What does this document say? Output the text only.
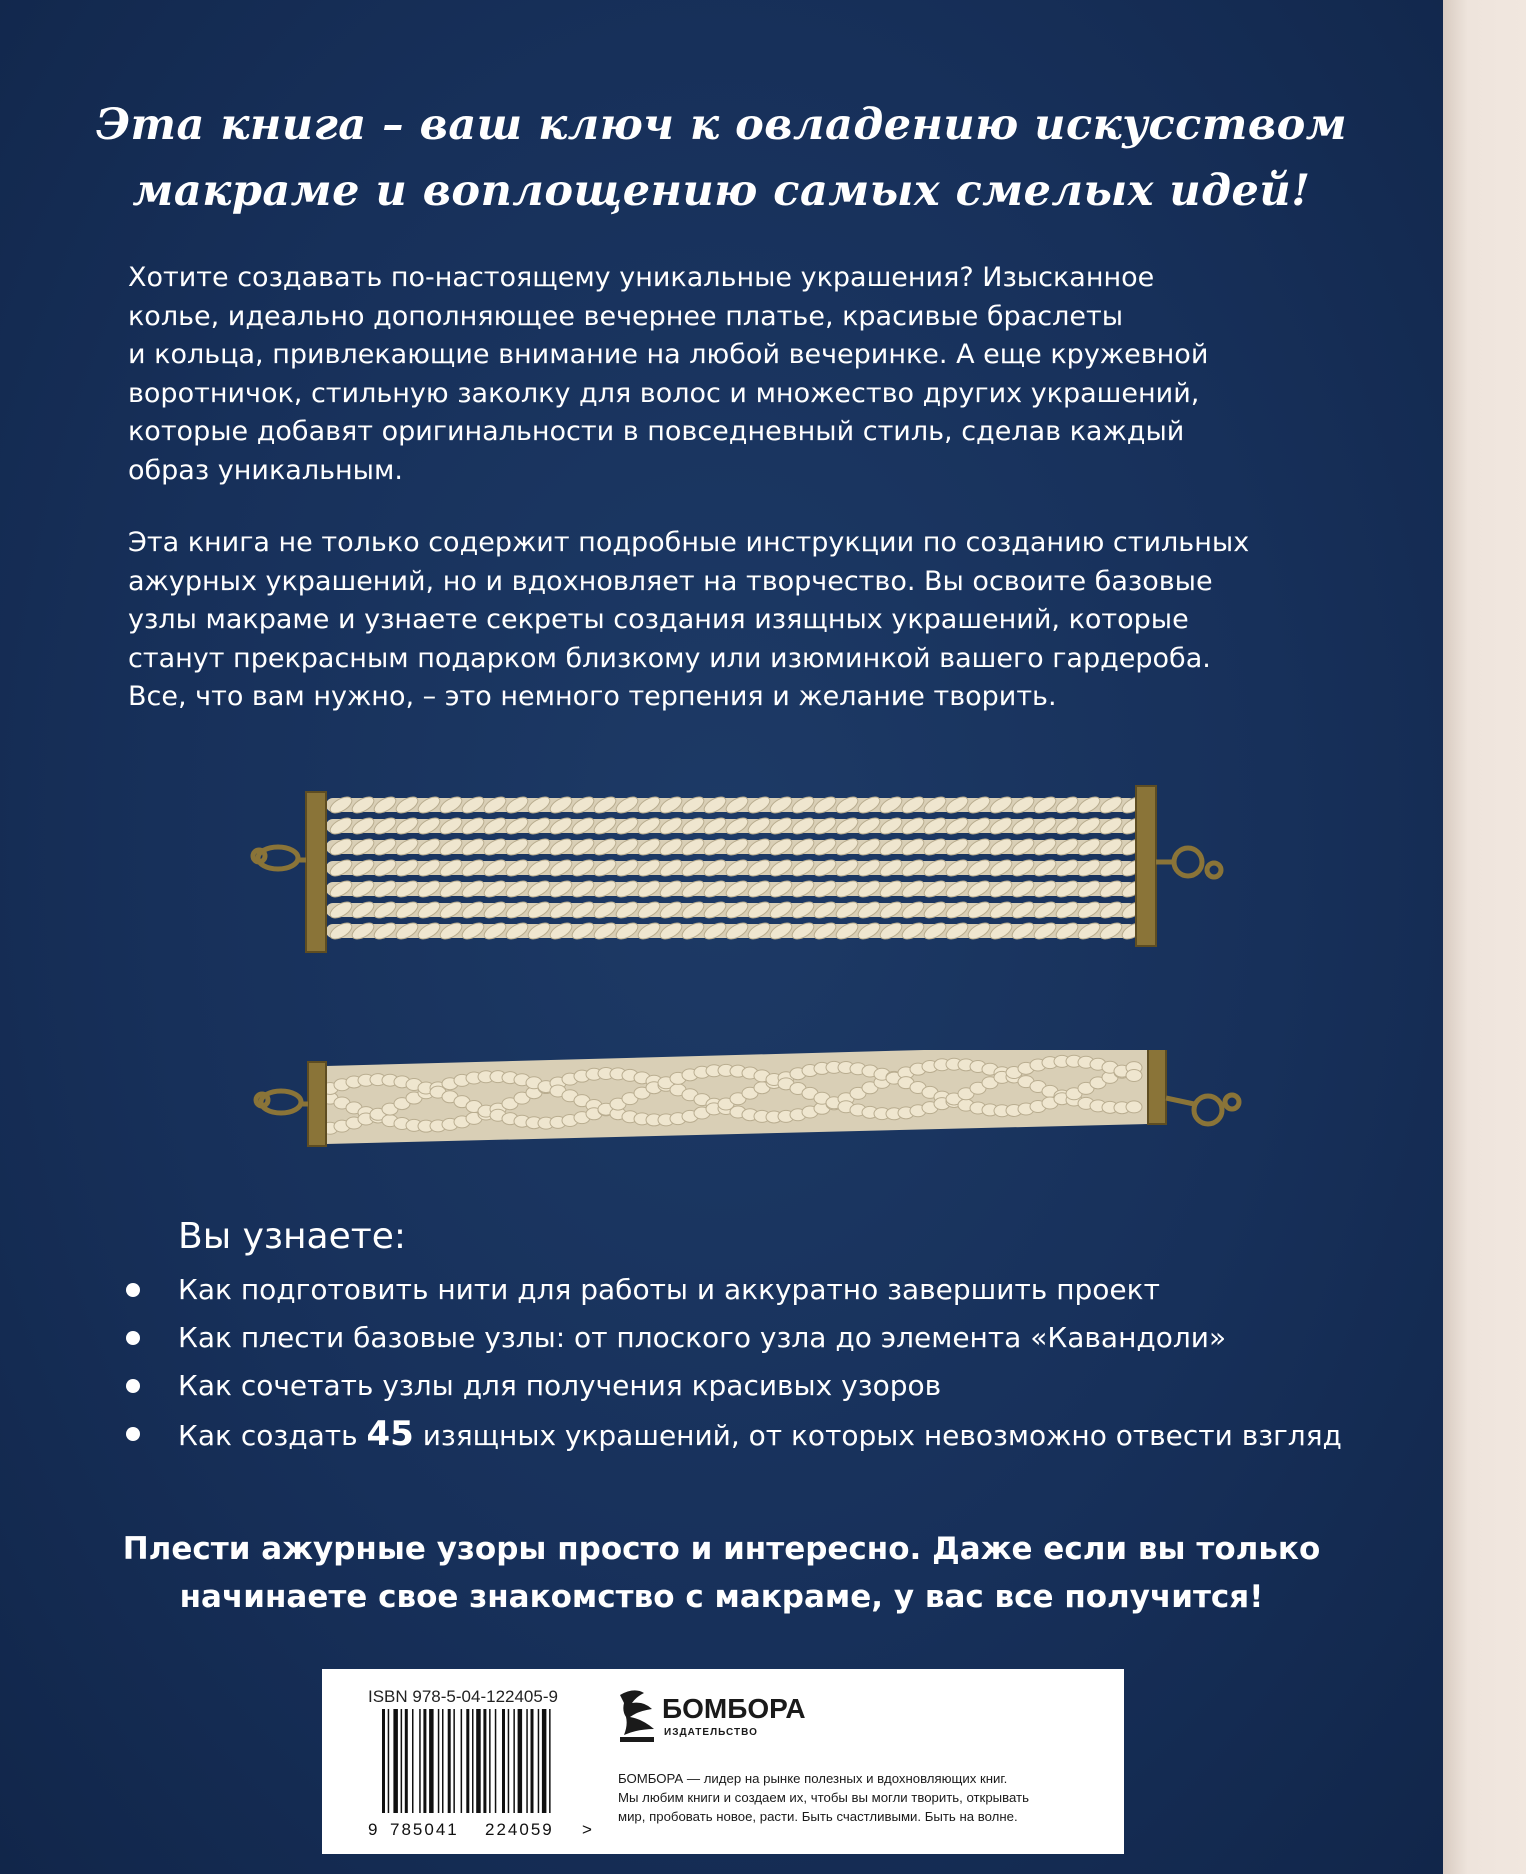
Эта книга – ваш ключ к овладению искусством
макраме и воплощению самых смелых идей!
Хотите создавать по-настоящему уникальные украшения? Изысканное
колье, идеально дополняющее вечернее платье, красивые браслеты
и кольца, привлекающие внимание на любой вечеринке. А еще кружевной
воротничок, стильную заколку для волос и множество других украшений,
которые добавят оригинальности в повседневный стиль, сделав каждый
образ уникальным.
Эта книга не только содержит подробные инструкции по созданию стильных
ажурных украшений, но и вдохновляет на творчество. Вы освоите базовые
узлы макраме и узнаете секреты создания изящных украшений, которые
станут прекрасным подарком близкому или изюминкой вашего гардероба.
Все, что вам нужно, – это немного терпения и желание творить.
Вы узнаете:
Как подготовить нити для работы и аккуратно завершить проект
Как плести базовые узлы: от плоского узла до элемента «Кавандоли»
Как сочетать узлы для получения красивых узоров
Как создать 45 изящных украшений, от которых невозможно отвести взгляд
Плести ажурные узоры просто и интересно. Даже если вы только
начинаете свое знакомство с макраме, у вас все получится!
ISBN 978-5-04-122405-9
9 785041 224059 >
БОМБОРА
ИЗДАТЕЛЬСТВО
БОМБОРА — лидер на рынке полезных и вдохновляющих книг.
Мы любим книги и создаем их, чтобы вы могли творить, открывать
мир, пробовать новое, расти. Быть счастливыми. Быть на волне.
